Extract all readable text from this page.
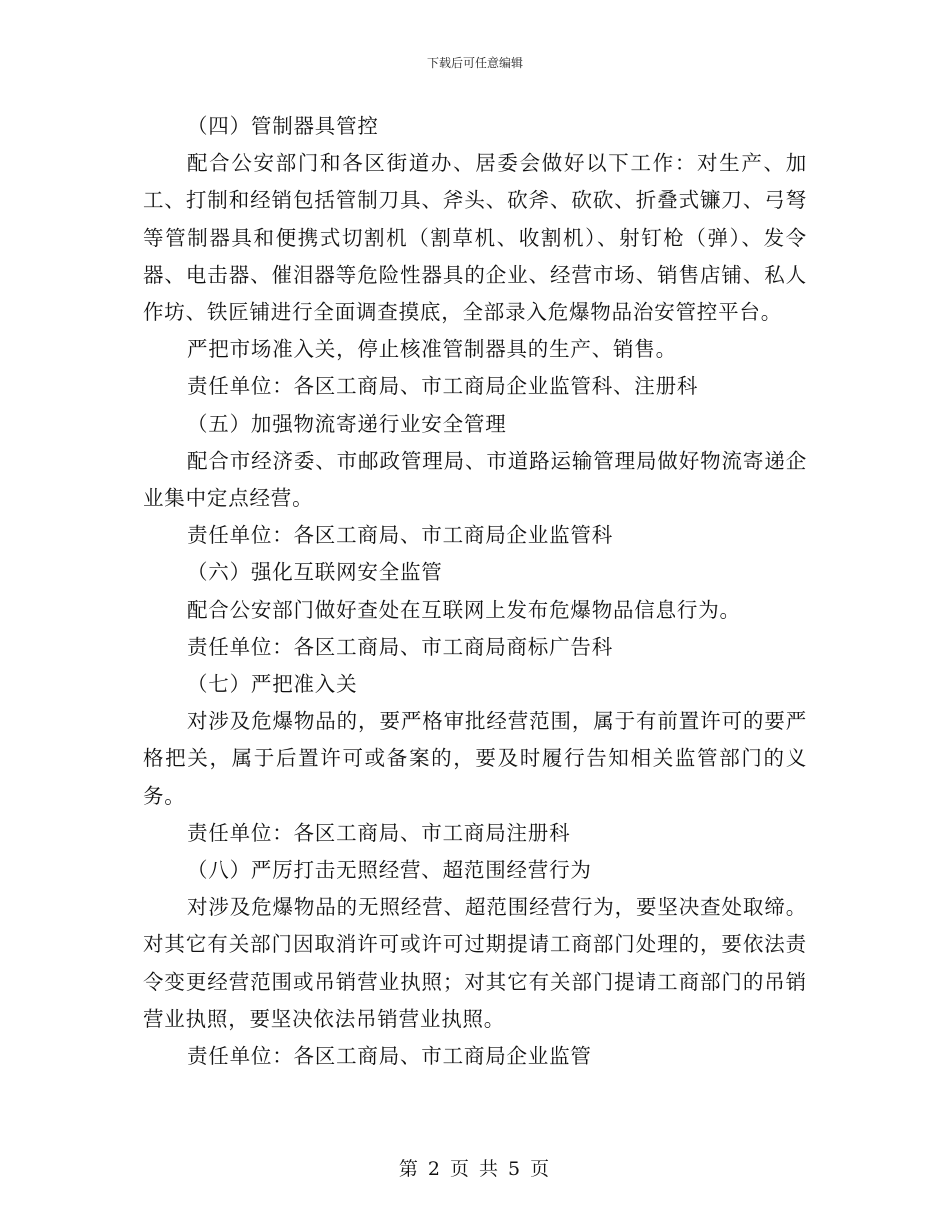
下载后可任意编辑

（四）管制器具管控

配合公安部门和各区街道办、居委会做好以下工作：对生产、加工、打制和经销包括管制刀具、斧头、砍斧、砍砍、折叠式镰刀、弓弩等管制器具和便携式切割机（割草机、收割机）、射钉枪（弹）、发令器、电击器、催泪器等危险性器具的企业、经营市场、销售店铺、私人作坊、铁匠铺进行全面调查摸底，全部录入危爆物品治安管控平台。

严把市场准入关，停止核准管制器具的生产、销售。

责任单位：各区工商局、市工商局企业监管科、注册科

（五）加强物流寄递行业安全管理

配合市经济委、市邮政管理局、市道路运输管理局做好物流寄递企业集中定点经营。

责任单位：各区工商局、市工商局企业监管科

（六）强化互联网安全监管

配合公安部门做好查处在互联网上发布危爆物品信息行为。

责任单位：各区工商局、市工商局商标广告科

（七）严把准入关

对涉及危爆物品的，要严格审批经营范围，属于有前置许可的要严格把关，属于后置许可或备案的，要及时履行告知相关监管部门的义务。

责任单位：各区工商局、市工商局注册科

（八）严厉打击无照经营、超范围经营行为

对涉及危爆物品的无照经营、超范围经营行为，要坚决查处取缔。对其它有关部门因取消许可或许可过期提请工商部门处理的，要依法责令变更经营范围或吊销营业执照；对其它有关部门提请工商部门的吊销营业执照，要坚决依法吊销营业执照。

责任单位：各区工商局、市工商局企业监管

第 2 页 共 5 页
